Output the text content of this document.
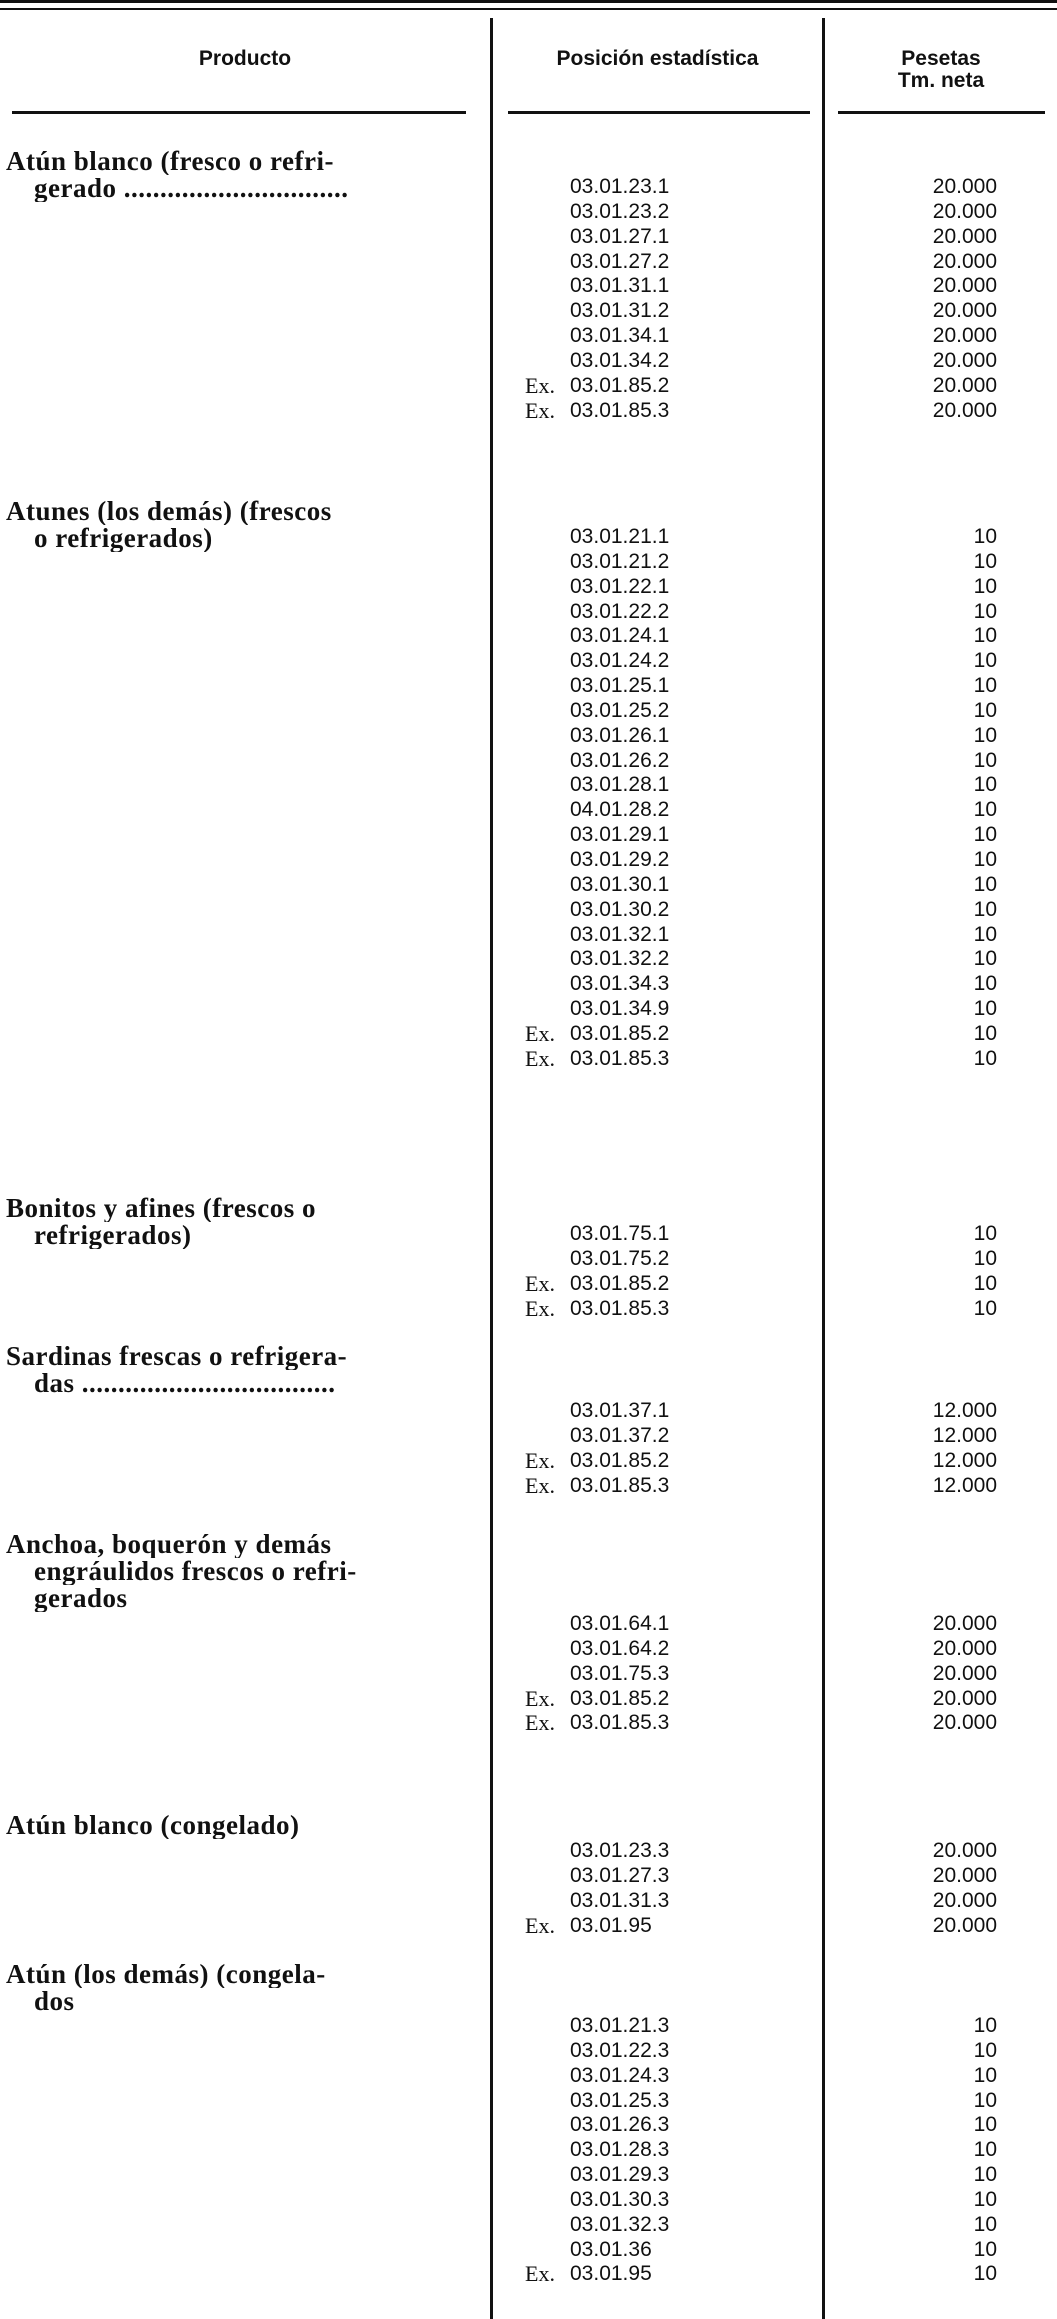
Producto	Posición estadística	Pesetas
Tm. neta
Atún blanco (fresco o refri-
gerado ...............................	03.01.23.1	20.000
03.01.23.2	20.000
03.01.27.1	20.000
03.01.27.2	20.000
03.01.31.1	20.000
03.01.31.2	20.000
03.01.34.1	20.000
03.01.34.2	20.000
Ex. 03.01.85.2	20.000
Ex. 03.01.85.3	20.000
Atunes (los demás) (frescos
o refrigerados)	03.01.21.1	10
03.01.21.2	10
03.01.22.1	10
03.01.22.2	10
03.01.24.1	10
03.01.24.2	10
03.01.25.1	10
03.01.25.2	10
03.01.26.1	10
03.01.26.2	10
03.01.28.1	10
04.01.28.2	10
03.01.29.1	10
03.01.29.2	10
03.01.30.1	10
03.01.30.2	10
03.01.32.1	10
03.01.32.2	10
03.01.34.3	10
03.01.34.9	10
Ex. 03.01.85.2	10
Ex. 03.01.85.3	10
Bonitos y afines (frescos o
refrigerados)	03.01.75.1	10
03.01.75.2	10
Ex. 03.01.85.2	10
Ex. 03.01.85.3	10
Sardinas frescas o refrigera-
das ...................................
03.01.37.1	12.000
03.01.37.2	12.000
Ex. 03.01.85.2	12.000
Ex. 03.01.85.3	12.000
Anchoa, boquerón y demás
engráulidos frescos o refri-
gerados
03.01.64.1	20.000
03.01.64.2	20.000
03.01.75.3	20.000
Ex. 03.01.85.2	20.000
Ex. 03.01.85.3	20.000
Atún blanco (congelado)
03.01.23.3	20.000
03.01.27.3	20.000
03.01.31.3	20.000
Ex. 03.01.95	20.000
Atún (los demás) (congela-
dos
03.01.21.3	10
03.01.22.3	10
03.01.24.3	10
03.01.25.3	10
03.01.26.3	10
03.01.28.3	10
03.01.29.3	10
03.01.30.3	10
03.01.32.3	10
03.01.36	10
Ex. 03.01.95	10
